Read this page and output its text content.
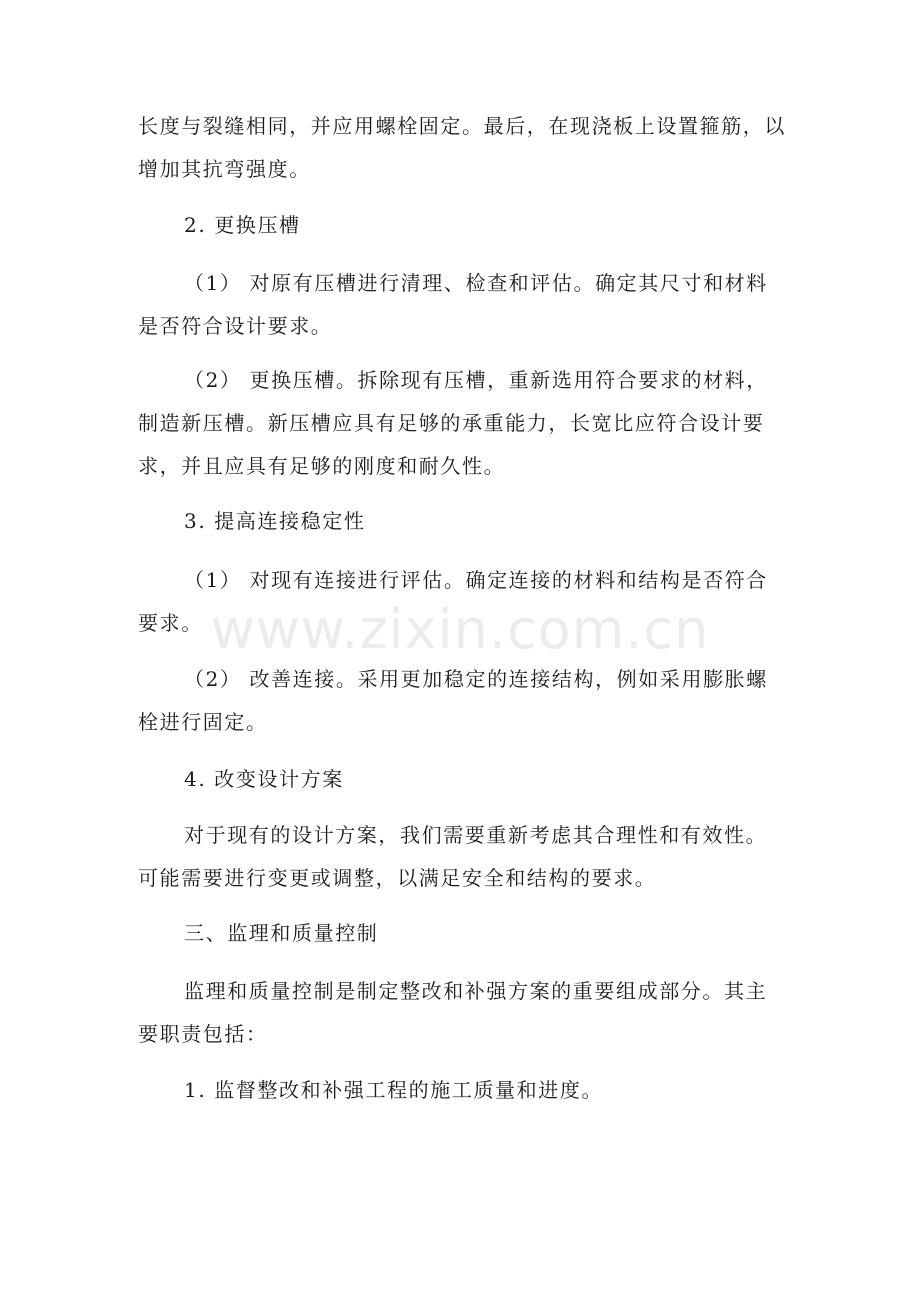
长度与裂缝相同，并应用螺栓固定。最后，在现浇板上设置箍筋，以增加其抗弯强度。

2. 更换压槽

（1） 对原有压槽进行清理、检查和评估。确定其尺寸和材料是否符合设计要求。

（2） 更换压槽。拆除现有压槽，重新选用符合要求的材料，制造新压槽。新压槽应具有足够的承重能力，长宽比应符合设计要求，并且应具有足够的刚度和耐久性。

3. 提高连接稳定性

（1） 对现有连接进行评估。确定连接的材料和结构是否符合要求。

（2） 改善连接。采用更加稳定的连接结构，例如采用膨胀螺栓进行固定。

4. 改变设计方案

对于现有的设计方案，我们需要重新考虑其合理性和有效性。可能需要进行变更或调整，以满足安全和结构的要求。

三、监理和质量控制

监理和质量控制是制定整改和补强方案的重要组成部分。其主要职责包括：

1. 监督整改和补强工程的施工质量和进度。

www.zixin.com.cn
